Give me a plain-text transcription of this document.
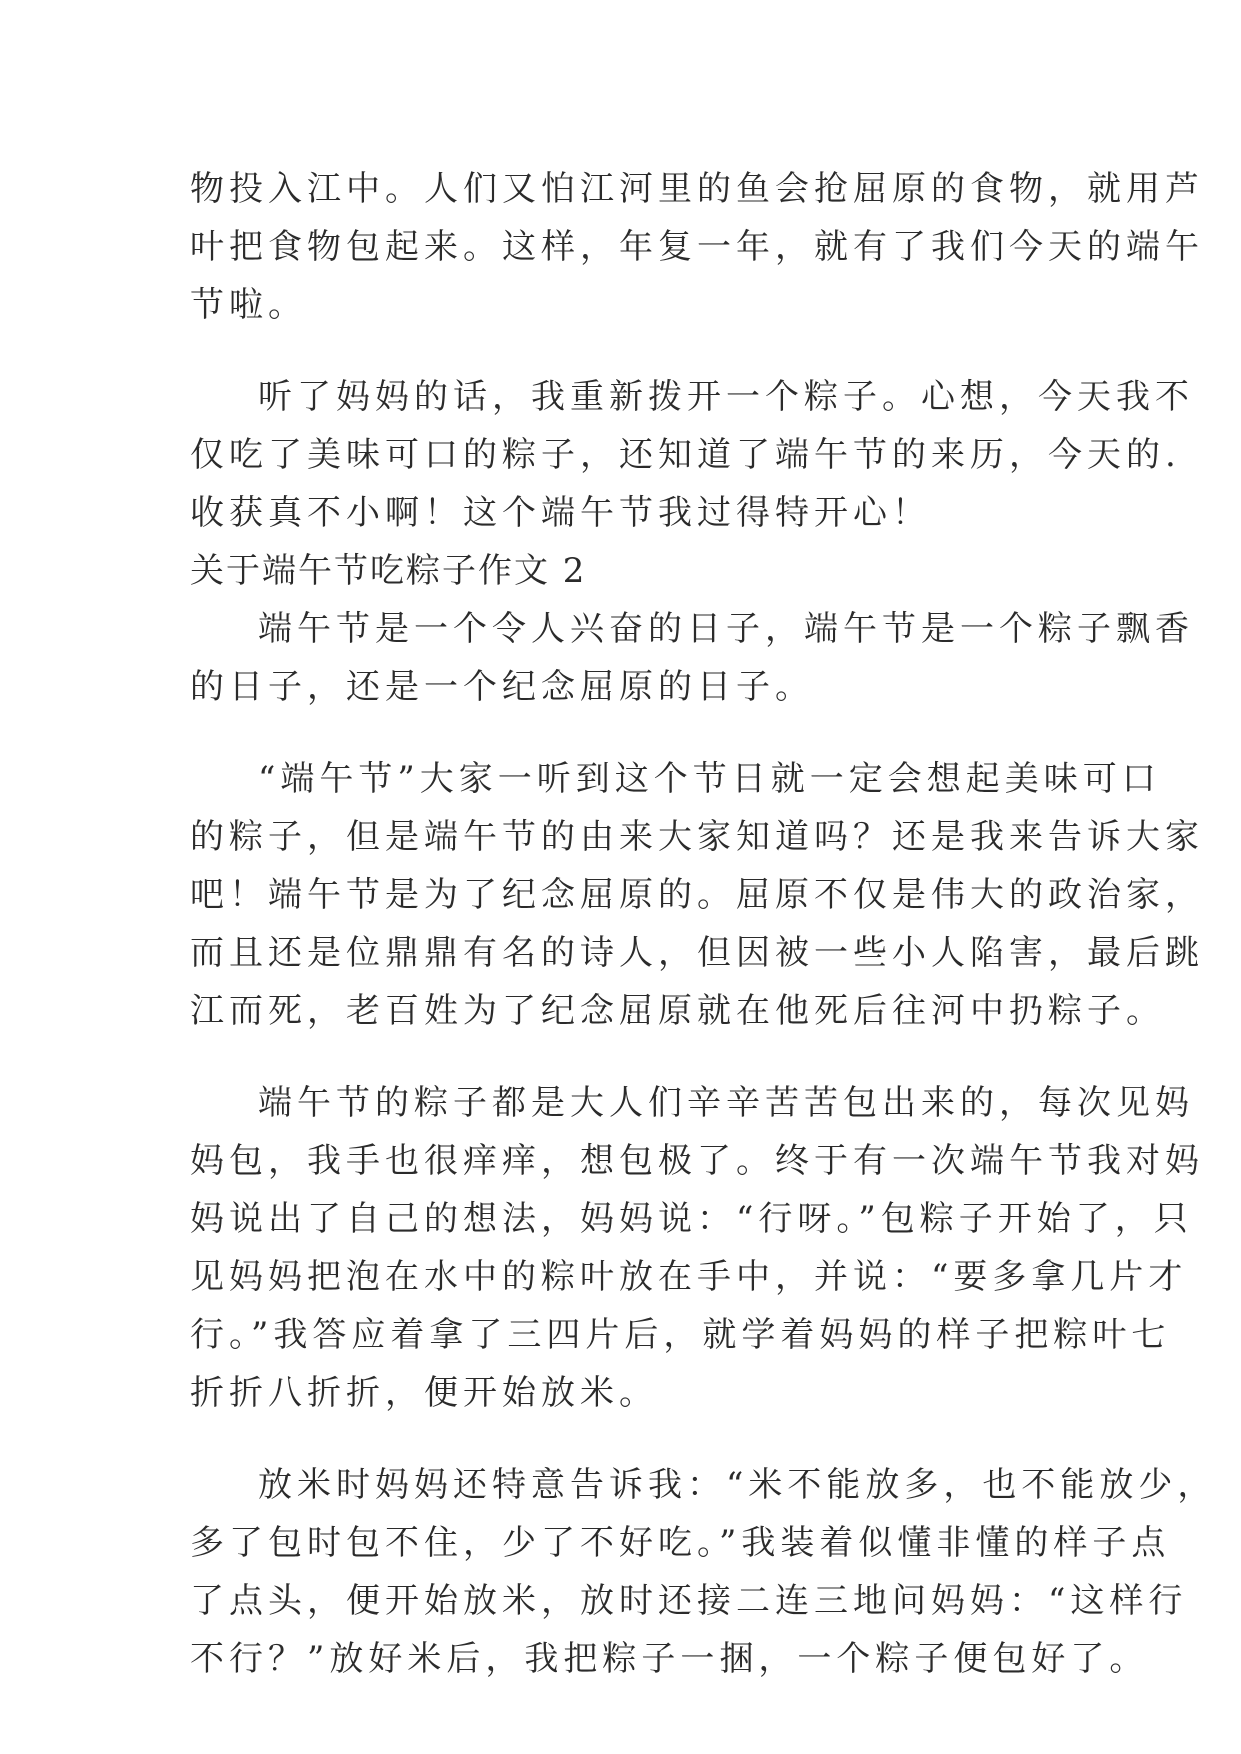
物投入江中。人们又怕江河里的鱼会抢屈原的食物，就用芦
叶把食物包起来。这样，年复一年，就有了我们今天的端午
节啦。
听了妈妈的话，我重新拨开一个粽子。心想，今天我不
仅吃了美味可口的粽子，还知道了端午节的来历，今天的.
收获真不小啊！这个端午节我过得特开心！
关于端午节吃粽子作文 2
端午节是一个令人兴奋的日子，端午节是一个粽子飘香
的日子，还是一个纪念屈原的日子。
“端午节”大家一听到这个节日就一定会想起美味可口
的粽子，但是端午节的由来大家知道吗？还是我来告诉大家
吧！端午节是为了纪念屈原的。屈原不仅是伟大的政治家，
而且还是位鼎鼎有名的诗人，但因被一些小人陷害，最后跳
江而死，老百姓为了纪念屈原就在他死后往河中扔粽子。
端午节的粽子都是大人们辛辛苦苦包出来的，每次见妈
妈包，我手也很痒痒，想包极了。终于有一次端午节我对妈
妈说出了自己的想法，妈妈说：“行呀。”包粽子开始了，只
见妈妈把泡在水中的粽叶放在手中，并说：“要多拿几片才
行。”我答应着拿了三四片后，就学着妈妈的样子把粽叶七
折折八折折，便开始放米。
放米时妈妈还特意告诉我：“米不能放多，也不能放少，
多了包时包不住，少了不好吃。”我装着似懂非懂的样子点
了点头，便开始放米，放时还接二连三地问妈妈：“这样行
不行？”放好米后，我把粽子一捆，一个粽子便包好了。
